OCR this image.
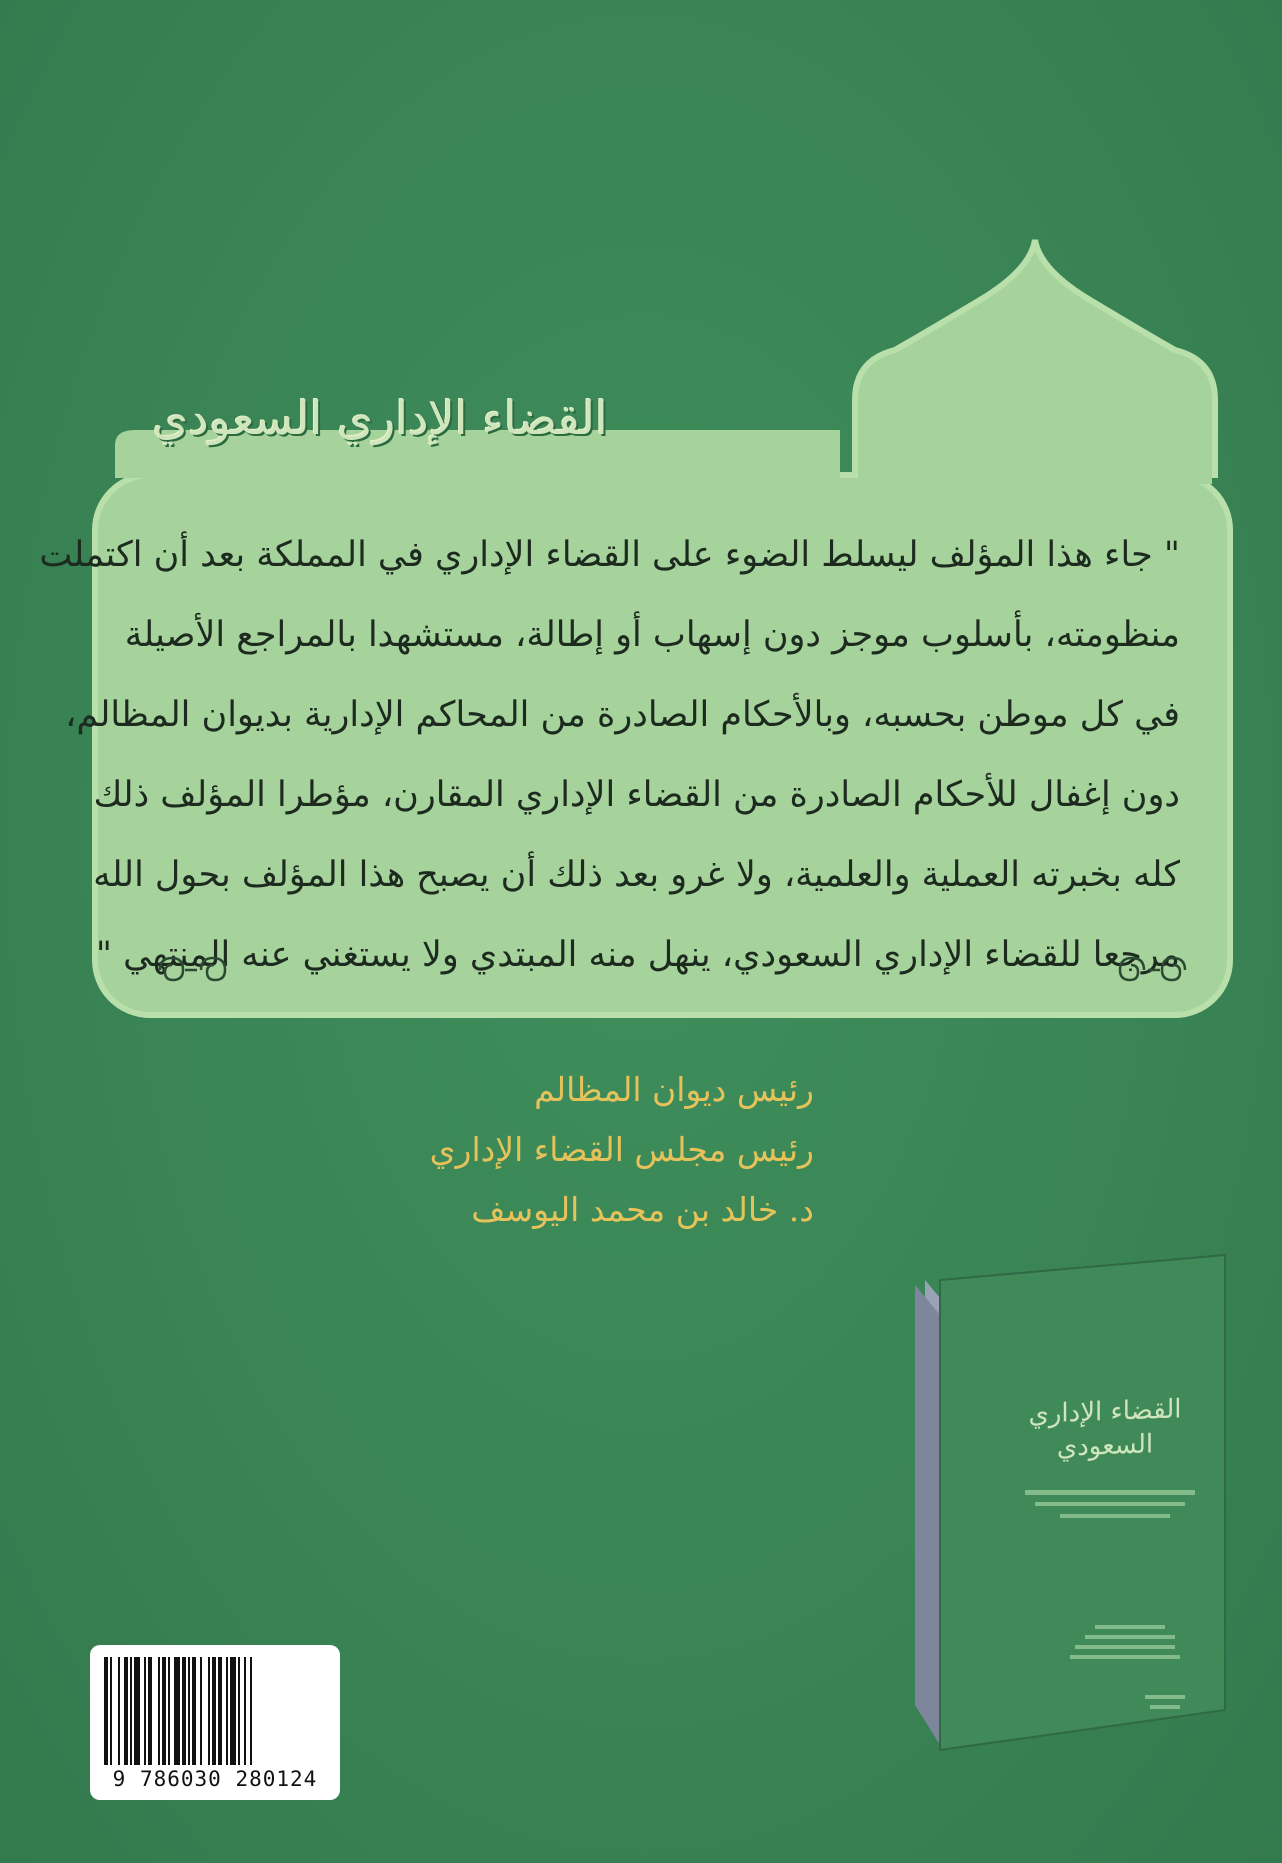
القضاء الإداري السعودي
" جاء هذا المؤلف ليسلط الضوء على القضاء الإداري في المملكة بعد أن اكتملت
منظومته، بأسلوب موجز دون إسهاب أو إطالة، مستشهدا بالمراجع الأصيلة
في كل موطن بحسبه، وبالأحكام الصادرة من المحاكم الإدارية بديوان المظالم،
دون إغفال للأحكام الصادرة من القضاء الإداري المقارن، مؤطرا المؤلف ذلك
كله بخبرته العملية والعلمية، ولا غرو بعد ذلك أن يصبح هذا المؤلف بحول الله
مرجعا للقضاء الإداري السعودي، ينهل منه المبتدي ولا يستغني عنه المنتهي "
رئيس ديوان المظالم
رئيس مجلس القضاء الإداري
د. خالد بن محمد اليوسف
القضاء الإداري السعودي
9 786030 280124
